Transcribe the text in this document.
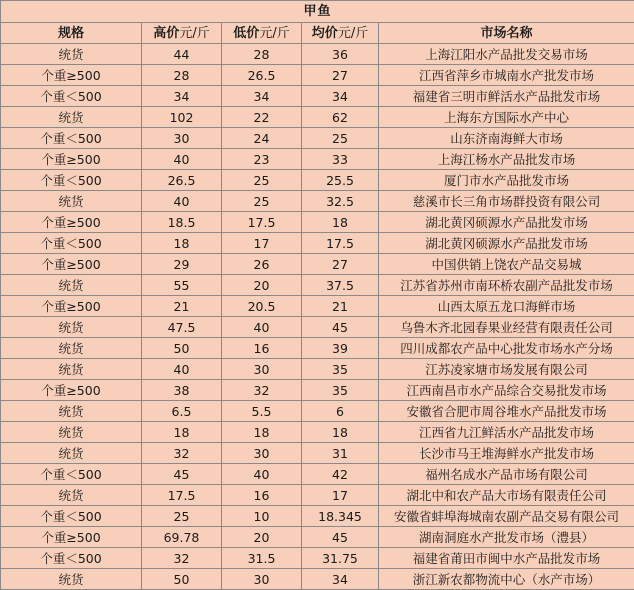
甲鱼				
规格	高价元/斤	低价元/斤	均价元/斤	市场名称
统货	44	28	36	上海江阳水产品批发交易市场
个重≥500	28	26.5	27	江西省萍乡市城南水产批发市场
个重＜500	34	34	34	福建省三明市鲜活水产品批发市场
统货	102	22	62	上海东方国际水产中心
个重＜500	30	24	25	山东济南海鲜大市场
个重≥500	40	23	33	上海江杨水产品批发市场
个重＜500	26.5	25	25.5	厦门市水产品批发市场
统货	40	25	32.5	慈溪市长三角市场群投资有限公司
个重≥500	18.5	17.5	18	湖北黄冈硕源水产品批发市场
个重＜500	18	17	17.5	湖北黄冈硕源水产品批发市场
个重≥500	29	26	27	中国供销上饶农产品交易城
统货	55	20	37.5	江苏省苏州市南环桥农副产品批发市场
个重≥500	21	20.5	21	山西太原五龙口海鲜市场
统货	47.5	40	45	乌鲁木齐北园春果业经营有限责任公司
统货	50	16	39	四川成都农产品中心批发市场水产分场
统货	40	30	35	江苏凌家塘市场发展有限公司
个重≥500	38	32	35	江西南昌市水产品综合交易批发市场
统货	6.5	5.5	6	安徽省合肥市周谷堆水产品批发市场
统货	18	18	18	江西省九江鲜活水产品批发市场
统货	32	30	31	长沙市马王堆海鲜水产批发市场
个重＜500	45	40	42	福州名成水产品市场有限公司
统货	17.5	16	17	湖北中和农产品大市场有限责任公司
个重＜500	25	10	18.345	安徽省蚌埠海城南农副产品交易有限公司
个重≥500	69.78	20	45	湖南洞庭水产批发市场（澧县）
个重＜500	32	31.5	31.75	福建省莆田市闽中水产品批发市场
统货	50	30	34	浙江新农都物流中心（水产市场）
